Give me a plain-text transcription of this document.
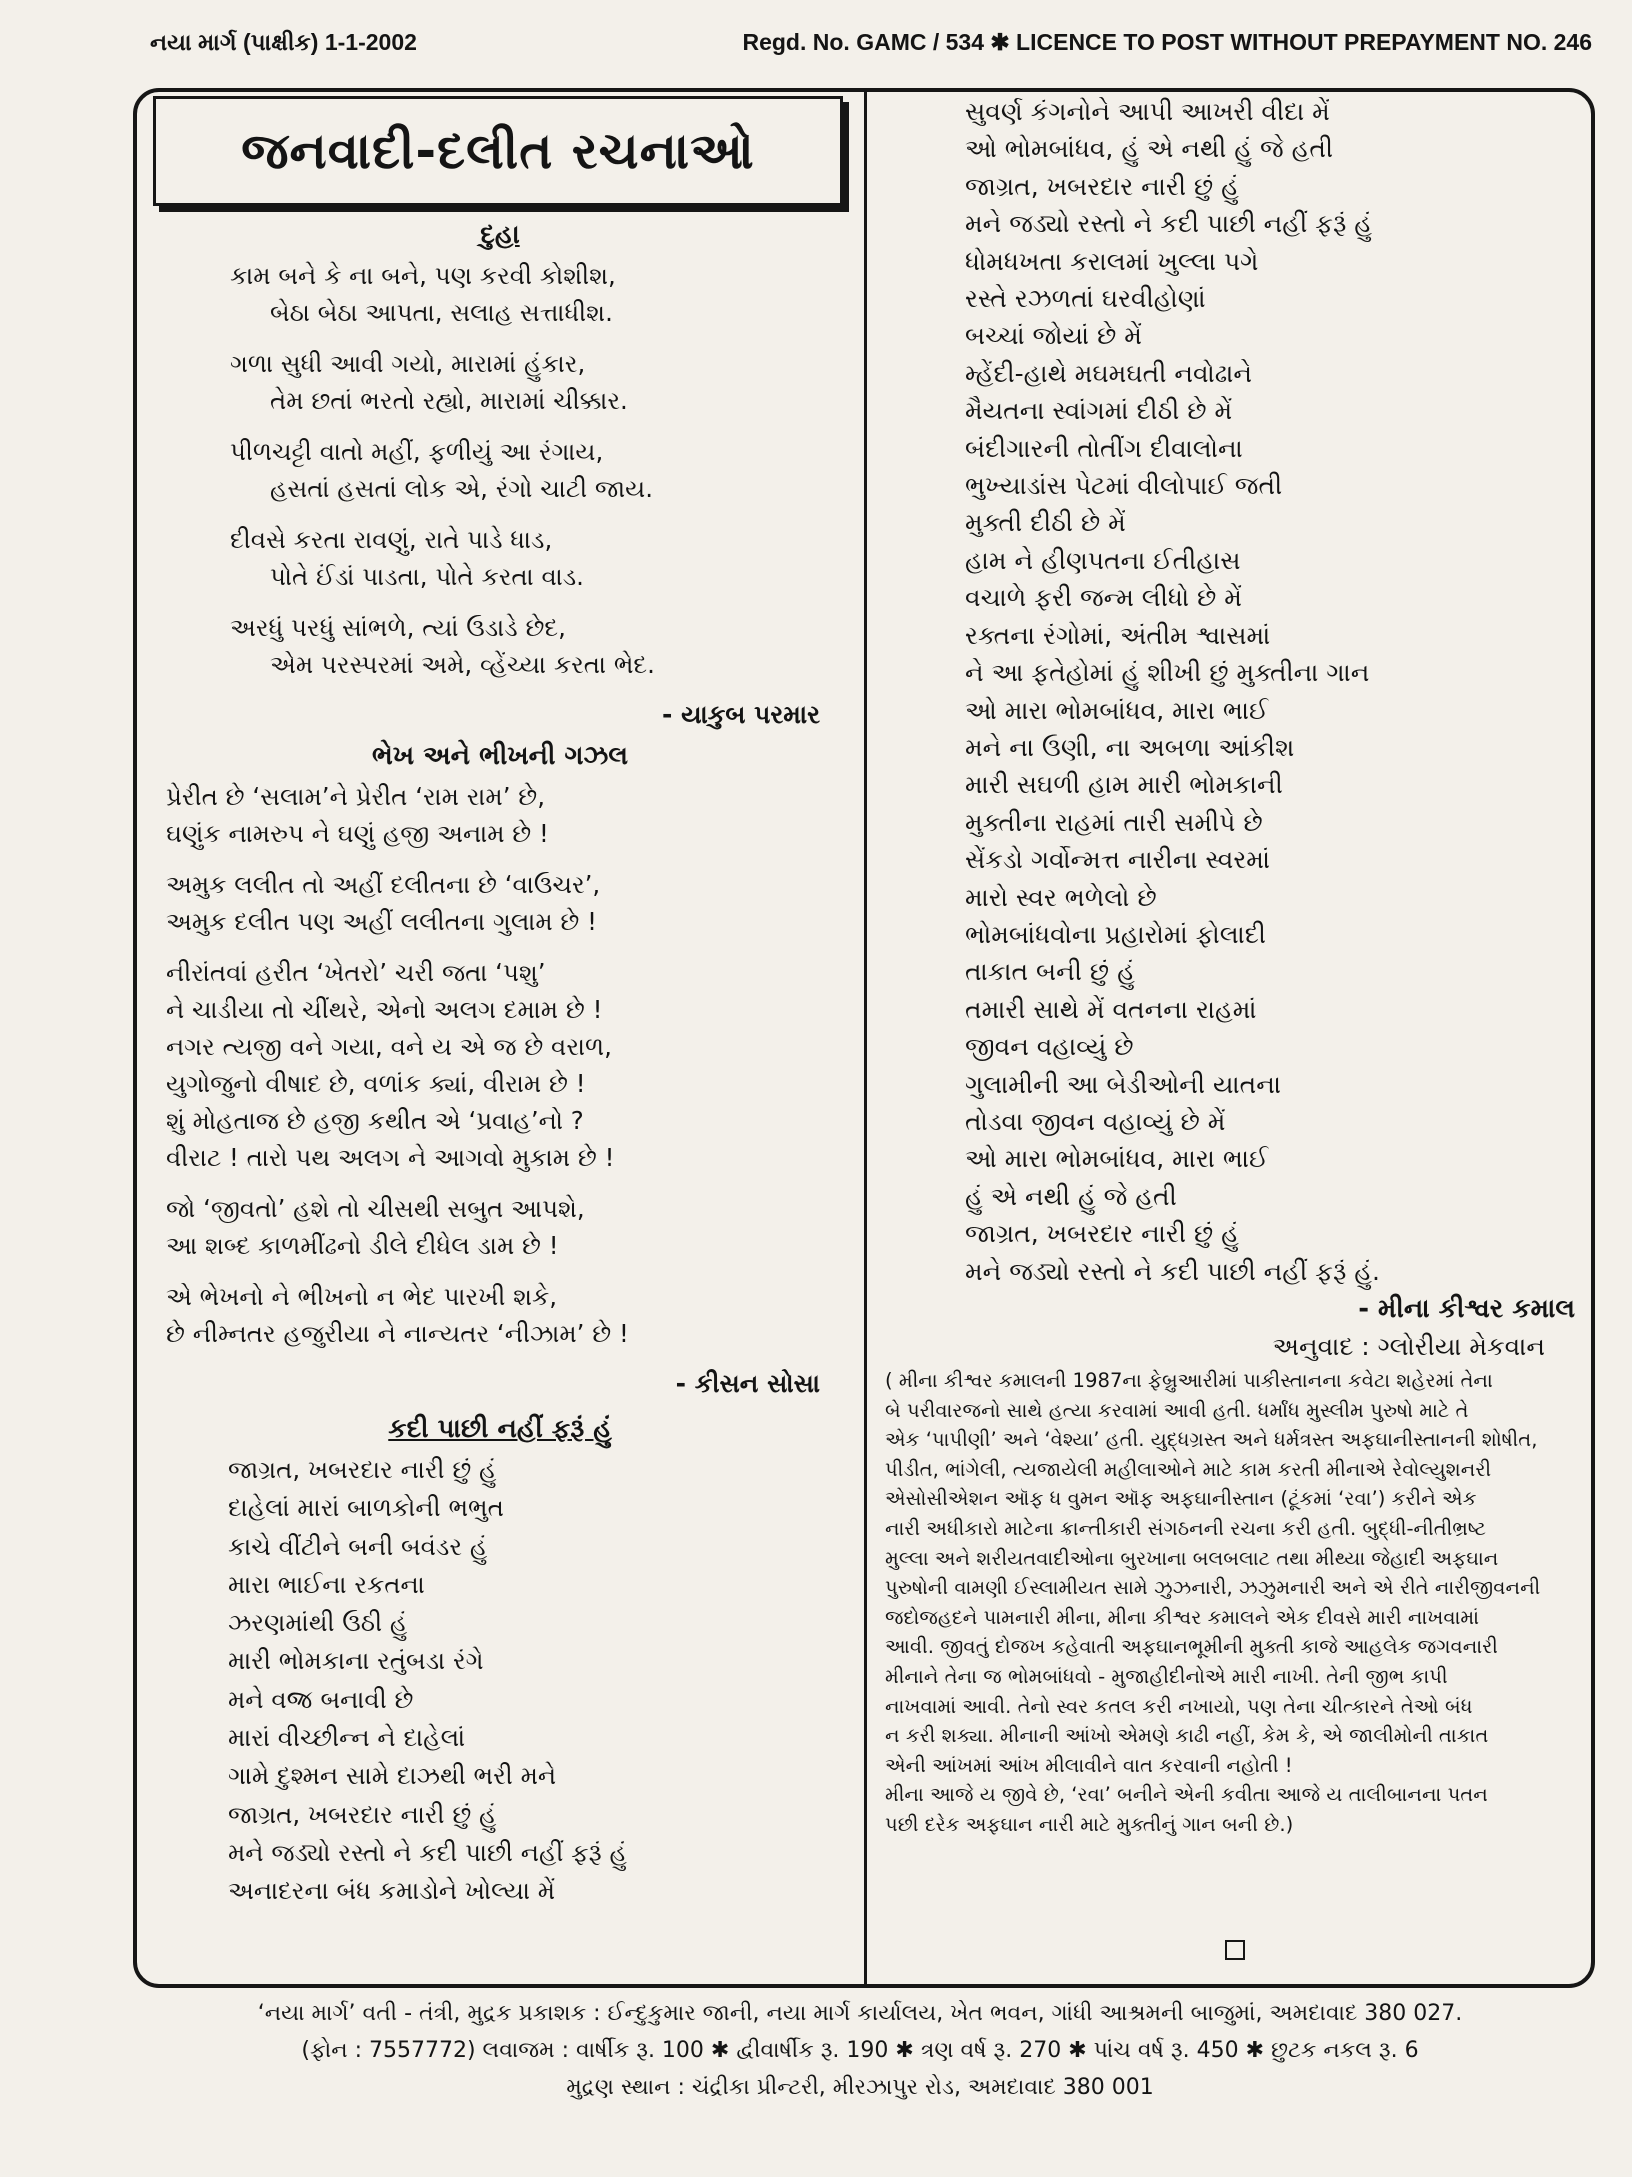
નયા માર્ગ (પાક્ષીક) 1-1-2002	Regd. No. GAMC / 534 ✱ LICENCE TO POST WITHOUT PREPAYMENT NO. 246
જનવાદી-દલીત રચનાઓ
દુહા
કામ બને કે ના બને, પણ કરવી કોશીશ,
બેઠા બેઠા આપતા, સલાહ સત્તાધીશ.
ગળા સુધી આવી ગયો, મારામાં હુંકાર,
તેમ છતાં ભરતો રહ્યો, મારામાં ચીક્કાર.
પીળચટ્ટી વાતો મહીં, ફળીયું આ રંગાય,
હસતાં હસતાં લોક એ, રંગો ચાટી જાય.
દીવસે કરતા રાવણું, રાતે પાડે ધાડ,
પોતે ઈંડાં પાડતા, પોતે કરતા વાડ.
અરધું પરધું સાંભળે, ત્યાં ઉડાડે છેદ,
એમ પરસ્પરમાં અમે, વ્હેંચ્યા કરતા ભેદ.
- યાકુબ પરમાર
ભેખ અને ભીખની ગઝલ
પ્રેરીત છે ‘સલામ’ને પ્રેરીત ‘રામ રામ’ છે,
ઘણુંક નામરુપ ને ઘણું હજી અનામ છે !
અમુક લલીત તો અહીં દલીતના છે ‘વાઉચર’,
અમુક દલીત પણ અહીં લલીતના ગુલામ છે !
નીરાંતવાં હરીત ‘ખેતરો’ ચરી જતા ‘પશુ’
ને ચાડીયા તો ચીંથરે, એનો અલગ દમામ છે !
નગર ત્યજી વને ગયા, વને ય એ જ છે વરાળ,
યુગોજુનો વીષાદ છે, વળાંક ક્યાં, વીરામ છે !
શું મોહતાજ છે હજી કથીત એ ‘પ્રવાહ’નો ?
વીરાટ ! તારો પથ અલગ ને આગવો મુકામ છે !
જો ‘જીવતો’ હશે તો ચીસથી સબુત આપશે,
આ શબ્દ કાળમીંઢનો ડીલે દીધેલ ડામ છે !
એ ભેખનો ને ભીખનો ન ભેદ પારખી શકે,
છે નીમ્નતર હજુરીયા ને નાન્યતર ‘નીઝામ’ છે !
- કીસન સોસા
કદી પાછી નહીં ફરૂં હું
જાગ્રત, ખબરદાર નારી છું હું
દાહેલાં મારાં બાળકોની ભભુત
કાચે વીંટીને બની બવંડર હું
મારા ભાઈના રકતના
ઝરણમાંથી ઉઠી હું
મારી ભોમકાના રતુંબડા રંગે
મને વજ્ર બનાવી છે
મારાં વીચ્છીન્ન ને દાહેલાં
ગામે દુશ્મન સામે દાઝથી ભરી મને
જાગ્રત, ખબરદાર નારી છું હું
મને જડ્યો રસ્તો ને કદી પાછી નહીં ફરૂં હું
અનાદરના બંધ કમાડોને ખોલ્યા મેં
સુવર્ણ કંગનોને આપી આખરી વીદા મેં
ઓ ભોમબાંધવ, હું એ નથી હું જે હતી
જાગ્રત, ખબરદાર નારી છું હું
મને જડ્યો રસ્તો ને કદી પાછી નહીં ફરૂં હું
ધોમધખતા કરાલમાં ખુલ્લા પગે
રસ્તે રઝળતાં ઘરવીહોણાં
બચ્ચાં જોયાં છે મેં
મ્હેંદી-હાથે મઘમઘતી નવોઢાને
મૈયતના સ્વાંગમાં દીઠી છે મેં
બંદીગારની તોતીંગ દીવાલોના
ભુખ્યાડાંસ પેટમાં વીલોપાઈ જતી
મુક્તી દીઠી છે મેં
હામ ને હીણપતના ઈતીહાસ
વચાળે ફરી જન્મ લીધો છે મેં
રક્તના રંગોમાં, અંતીમ શ્વાસમાં
ને આ ફતેહોમાં હું શીખી છું મુક્તીના ગાન
ઓ મારા ભોમબાંધવ, મારા ભાઈ
મને ના ઉણી, ના અબળા આંકીશ
મારી સઘળી હામ મારી ભોમકાની
મુક્તીના રાહમાં તારી સમીપે છે
સેંકડો ગર્વોન્મત્ત નારીના સ્વરમાં
મારો સ્વર ભળેલો છે
ભોમબાંધવોના પ્રહારોમાં ફોલાદી
તાકાત બની છું હું
તમારી સાથે મેં વતનના રાહમાં
જીવન વહાવ્યું છે
ગુલામીની આ બેડીઓની યાતના
તોડવા જીવન વહાવ્યું છે મેં
ઓ મારા ભોમબાંધવ, મારા ભાઈ
હું એ નથી હું જે હતી
જાગ્રત, ખબરદાર નારી છું હું
મને જડ્યો રસ્તો ને કદી પાછી નહીં ફરૂં હું.
- મીના કીશ્વર કમાલ
અનુવાદ : ગ્લોરીયા મેકવાન
( મીના કીશ્વર કમાલની 1987ના ફેબ્રુઆરીમાં પાકીસ્તાનના કવેટા શહેરમાં તેના
બે પરીવારજનો સાથે હત્યા કરવામાં આવી હતી. ધર્માંધ મુસ્લીમ પુરુષો માટે તે
એક ‘પાપીણી’ અને ‘વેશ્યા’ હતી. યુદ્ધગ્રસ્ત અને ધર્મત્રસ્ત અફઘાનીસ્તાનની શોષીત,
પીડીત, ભાંગેલી, ત્યજાયેલી મહીલાઓને માટે કામ કરતી મીનાએ રેવોલ્યુશનરી
એસોસીએશન ઑફ ધ વુમન ઑફ અફઘાનીસ્તાન (ટૂંકમાં ‘રવા’) કરીને એક
નારી અધીકારો માટેના ક્રાન્તીકારી સંગઠનની રચના કરી હતી. બુદ્ધી-નીતીભ્રષ્ટ
મુલ્લા અને શરીયતવાદીઓના બુરખાના બલબલાટ તથા મીથ્યા જેહાદી અફઘાન
પુરુષોની વામણી ઈસ્લામીયત સામે ઝુઝનારી, ઝઝુમનારી અને એ રીતે નારીજીવનની
જદોજહદને પામનારી મીના, મીના કીશ્વર કમાલને એક દીવસે મારી નાખવામાં
આવી. જીવતું દોજખ કહેવાતી અફઘાનભૂમીની મુક્તી કાજે આહલેક જગવનારી
મીનાને તેના જ ભોમબાંધવો - મુજાહીદીનોએ મારી નાખી. તેની જીભ કાપી
નાખવામાં આવી. તેનો સ્વર કતલ કરી નખાયો, પણ તેના ચીત્કારને તેઓ બંધ
ન કરી શક્યા. મીનાની આંખો એમણે કાઢી નહીં, કેમ કે, એ જાલીમોની તાકાત
એની આંખમાં આંખ મીલાવીને વાત કરવાની નહોતી !
મીના આજે ય જીવે છે, ‘રવા’ બનીને એની કવીતા આજે ય તાલીબાનના પતન
પછી દરેક અફઘાન નારી માટે મુક્તીનું ગાન બની છે.)
‘નયા માર્ગ’ વતી - તંત્રી, મુદ્રક પ્રકાશક : ઈન્દુકુમાર જાની, નયા માર્ગ કાર્યાલય, ખેત ભવન, ગાંધી આશ્રમની બાજુમાં, અમદાવાદ 380 027.
(ફોન : 7557772) લવાજમ : વાર્ષીક રૂ. 100 ✱ દ્વીવાર્ષીક રૂ. 190 ✱ ત્રણ વર્ષ રૂ. 270 ✱ પાંચ વર્ષ રૂ. 450 ✱ છુટક નકલ રૂ. 6
મુદ્રણ સ્થાન : ચંદ્રીકા પ્રીન્ટરી, મીરઝાપુર રોડ, અમદાવાદ 380 001
